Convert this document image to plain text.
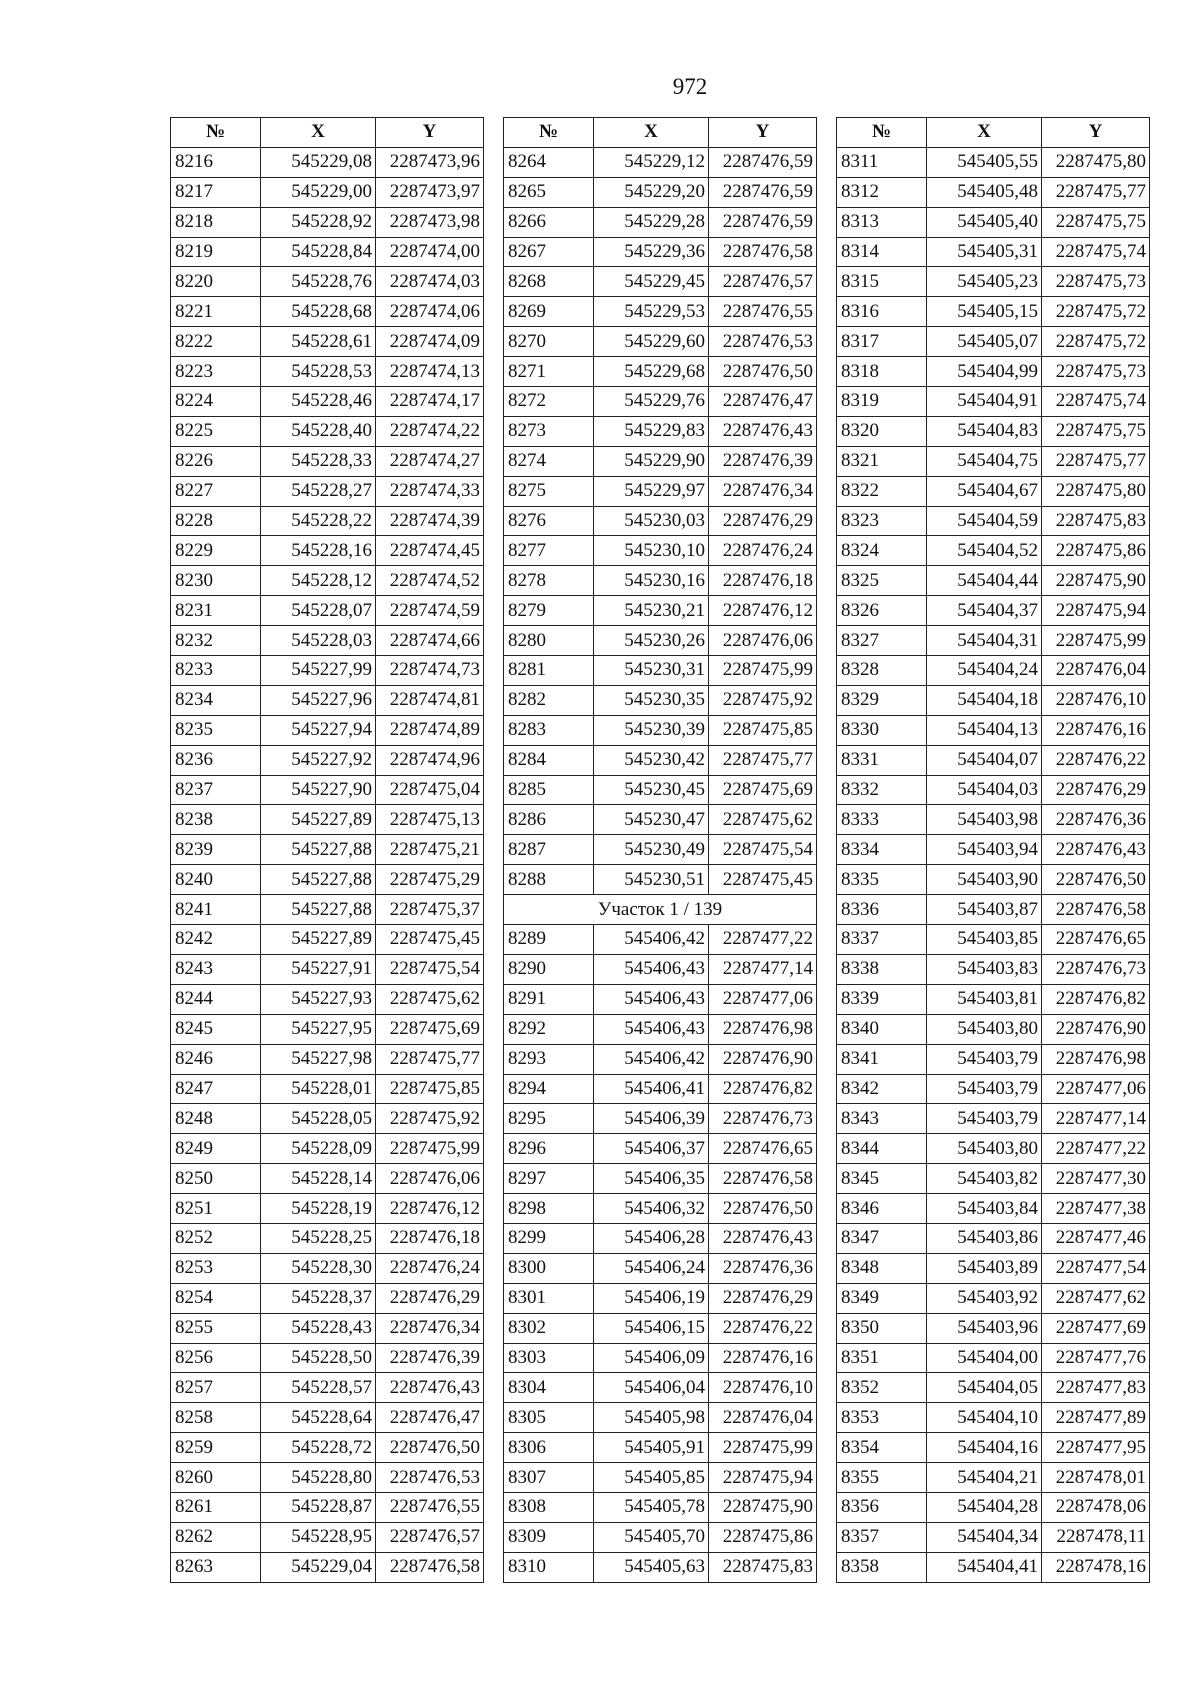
972
№	X	Y
8216	545229,08	2287473,96
8217	545229,00	2287473,97
8218	545228,92	2287473,98
8219	545228,84	2287474,00
8220	545228,76	2287474,03
8221	545228,68	2287474,06
8222	545228,61	2287474,09
8223	545228,53	2287474,13
8224	545228,46	2287474,17
8225	545228,40	2287474,22
8226	545228,33	2287474,27
8227	545228,27	2287474,33
8228	545228,22	2287474,39
8229	545228,16	2287474,45
8230	545228,12	2287474,52
8231	545228,07	2287474,59
8232	545228,03	2287474,66
8233	545227,99	2287474,73
8234	545227,96	2287474,81
8235	545227,94	2287474,89
8236	545227,92	2287474,96
8237	545227,90	2287475,04
8238	545227,89	2287475,13
8239	545227,88	2287475,21
8240	545227,88	2287475,29
8241	545227,88	2287475,37
8242	545227,89	2287475,45
8243	545227,91	2287475,54
8244	545227,93	2287475,62
8245	545227,95	2287475,69
8246	545227,98	2287475,77
8247	545228,01	2287475,85
8248	545228,05	2287475,92
8249	545228,09	2287475,99
8250	545228,14	2287476,06
8251	545228,19	2287476,12
8252	545228,25	2287476,18
8253	545228,30	2287476,24
8254	545228,37	2287476,29
8255	545228,43	2287476,34
8256	545228,50	2287476,39
8257	545228,57	2287476,43
8258	545228,64	2287476,47
8259	545228,72	2287476,50
8260	545228,80	2287476,53
8261	545228,87	2287476,55
8262	545228,95	2287476,57
8263	545229,04	2287476,58
№	X	Y
8264	545229,12	2287476,59
8265	545229,20	2287476,59
8266	545229,28	2287476,59
8267	545229,36	2287476,58
8268	545229,45	2287476,57
8269	545229,53	2287476,55
8270	545229,60	2287476,53
8271	545229,68	2287476,50
8272	545229,76	2287476,47
8273	545229,83	2287476,43
8274	545229,90	2287476,39
8275	545229,97	2287476,34
8276	545230,03	2287476,29
8277	545230,10	2287476,24
8278	545230,16	2287476,18
8279	545230,21	2287476,12
8280	545230,26	2287476,06
8281	545230,31	2287475,99
8282	545230,35	2287475,92
8283	545230,39	2287475,85
8284	545230,42	2287475,77
8285	545230,45	2287475,69
8286	545230,47	2287475,62
8287	545230,49	2287475,54
8288	545230,51	2287475,45
Участок 1 / 139		
8289	545406,42	2287477,22
8290	545406,43	2287477,14
8291	545406,43	2287477,06
8292	545406,43	2287476,98
8293	545406,42	2287476,90
8294	545406,41	2287476,82
8295	545406,39	2287476,73
8296	545406,37	2287476,65
8297	545406,35	2287476,58
8298	545406,32	2287476,50
8299	545406,28	2287476,43
8300	545406,24	2287476,36
8301	545406,19	2287476,29
8302	545406,15	2287476,22
8303	545406,09	2287476,16
8304	545406,04	2287476,10
8305	545405,98	2287476,04
8306	545405,91	2287475,99
8307	545405,85	2287475,94
8308	545405,78	2287475,90
8309	545405,70	2287475,86
8310	545405,63	2287475,83
№	X	Y
8311	545405,55	2287475,80
8312	545405,48	2287475,77
8313	545405,40	2287475,75
8314	545405,31	2287475,74
8315	545405,23	2287475,73
8316	545405,15	2287475,72
8317	545405,07	2287475,72
8318	545404,99	2287475,73
8319	545404,91	2287475,74
8320	545404,83	2287475,75
8321	545404,75	2287475,77
8322	545404,67	2287475,80
8323	545404,59	2287475,83
8324	545404,52	2287475,86
8325	545404,44	2287475,90
8326	545404,37	2287475,94
8327	545404,31	2287475,99
8328	545404,24	2287476,04
8329	545404,18	2287476,10
8330	545404,13	2287476,16
8331	545404,07	2287476,22
8332	545404,03	2287476,29
8333	545403,98	2287476,36
8334	545403,94	2287476,43
8335	545403,90	2287476,50
8336	545403,87	2287476,58
8337	545403,85	2287476,65
8338	545403,83	2287476,73
8339	545403,81	2287476,82
8340	545403,80	2287476,90
8341	545403,79	2287476,98
8342	545403,79	2287477,06
8343	545403,79	2287477,14
8344	545403,80	2287477,22
8345	545403,82	2287477,30
8346	545403,84	2287477,38
8347	545403,86	2287477,46
8348	545403,89	2287477,54
8349	545403,92	2287477,62
8350	545403,96	2287477,69
8351	545404,00	2287477,76
8352	545404,05	2287477,83
8353	545404,10	2287477,89
8354	545404,16	2287477,95
8355	545404,21	2287478,01
8356	545404,28	2287478,06
8357	545404,34	2287478,11
8358	545404,41	2287478,16
